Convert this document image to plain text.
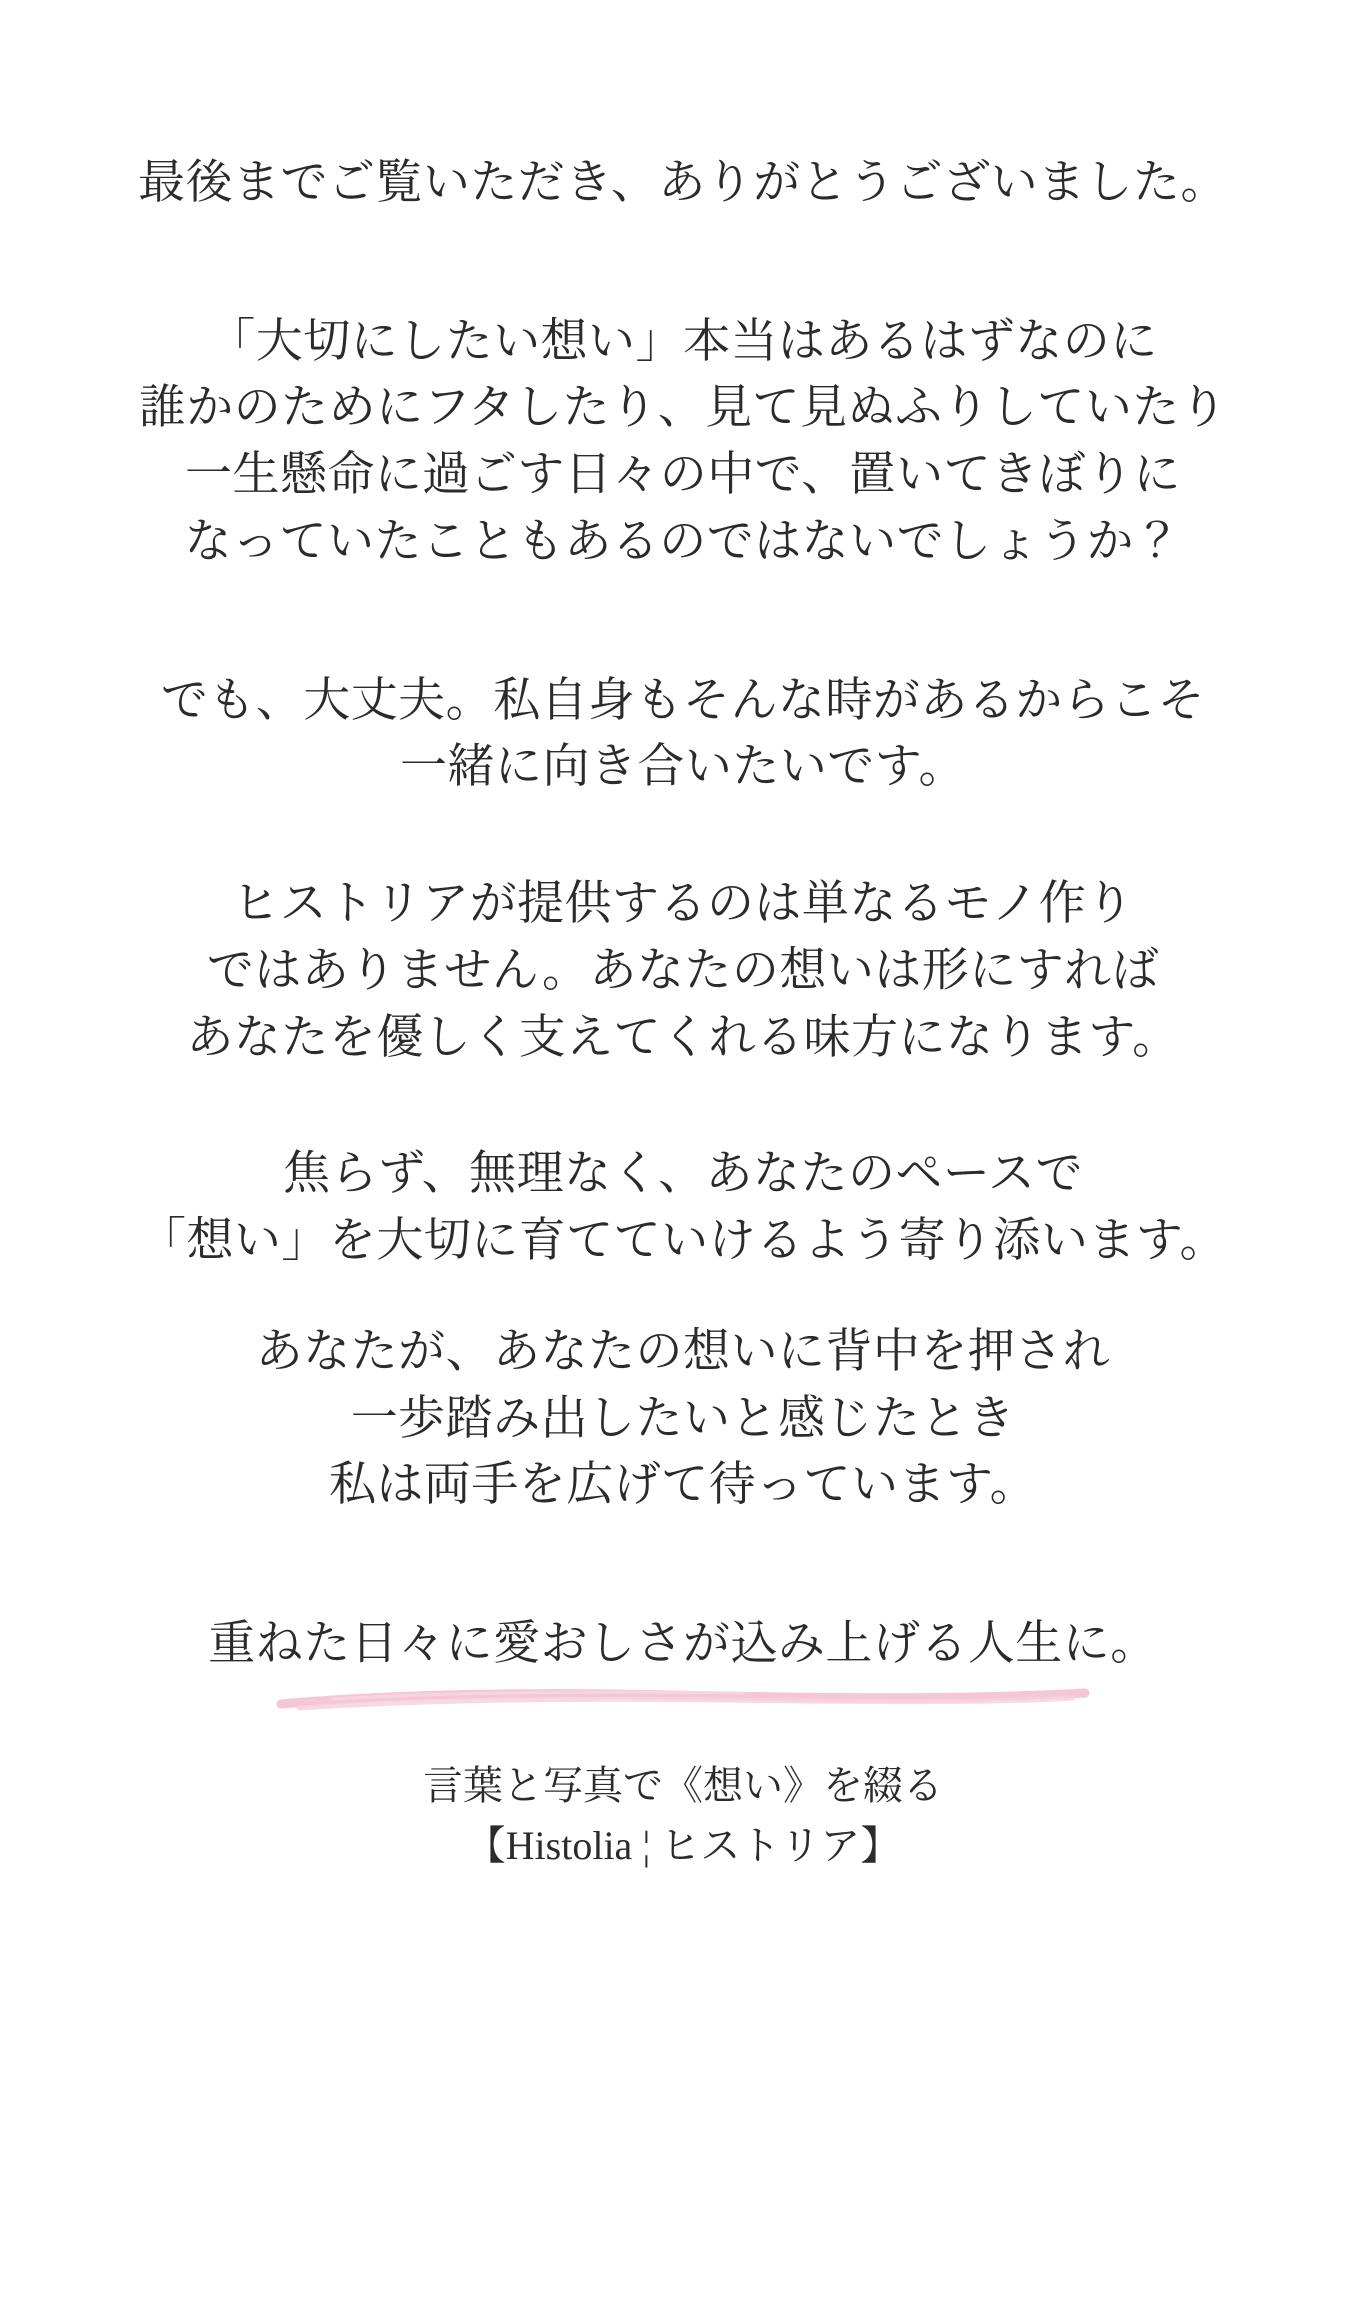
最後までご覧いただき、ありがとうございました。

「大切にしたい想い」本当はあるはずなのに

誰かのためにフタしたり、見て見ぬふりしていたり

一生懸命に過ごす日々の中で、置いてきぼりに

なっていたこともあるのではないでしょうか？

でも、大丈夫。私自身もそんな時があるからこそ

一緒に向き合いたいです。

ヒストリアが提供するのは単なるモノ作り

ではありません。あなたの想いは形にすれば

あなたを優しく支えてくれる味方になります。

焦らず、無理なく、あなたのペースで

「想い」を大切に育てていけるよう寄り添います。

あなたが、あなたの想いに背中を押され

一歩踏み出したいと感じたとき

私は両手を広げて待っています。

重ねた日々に愛おしさが込み上げる人生に。

言葉と写真で《想い》を綴る

【Histolia ¦ ヒストリア】
